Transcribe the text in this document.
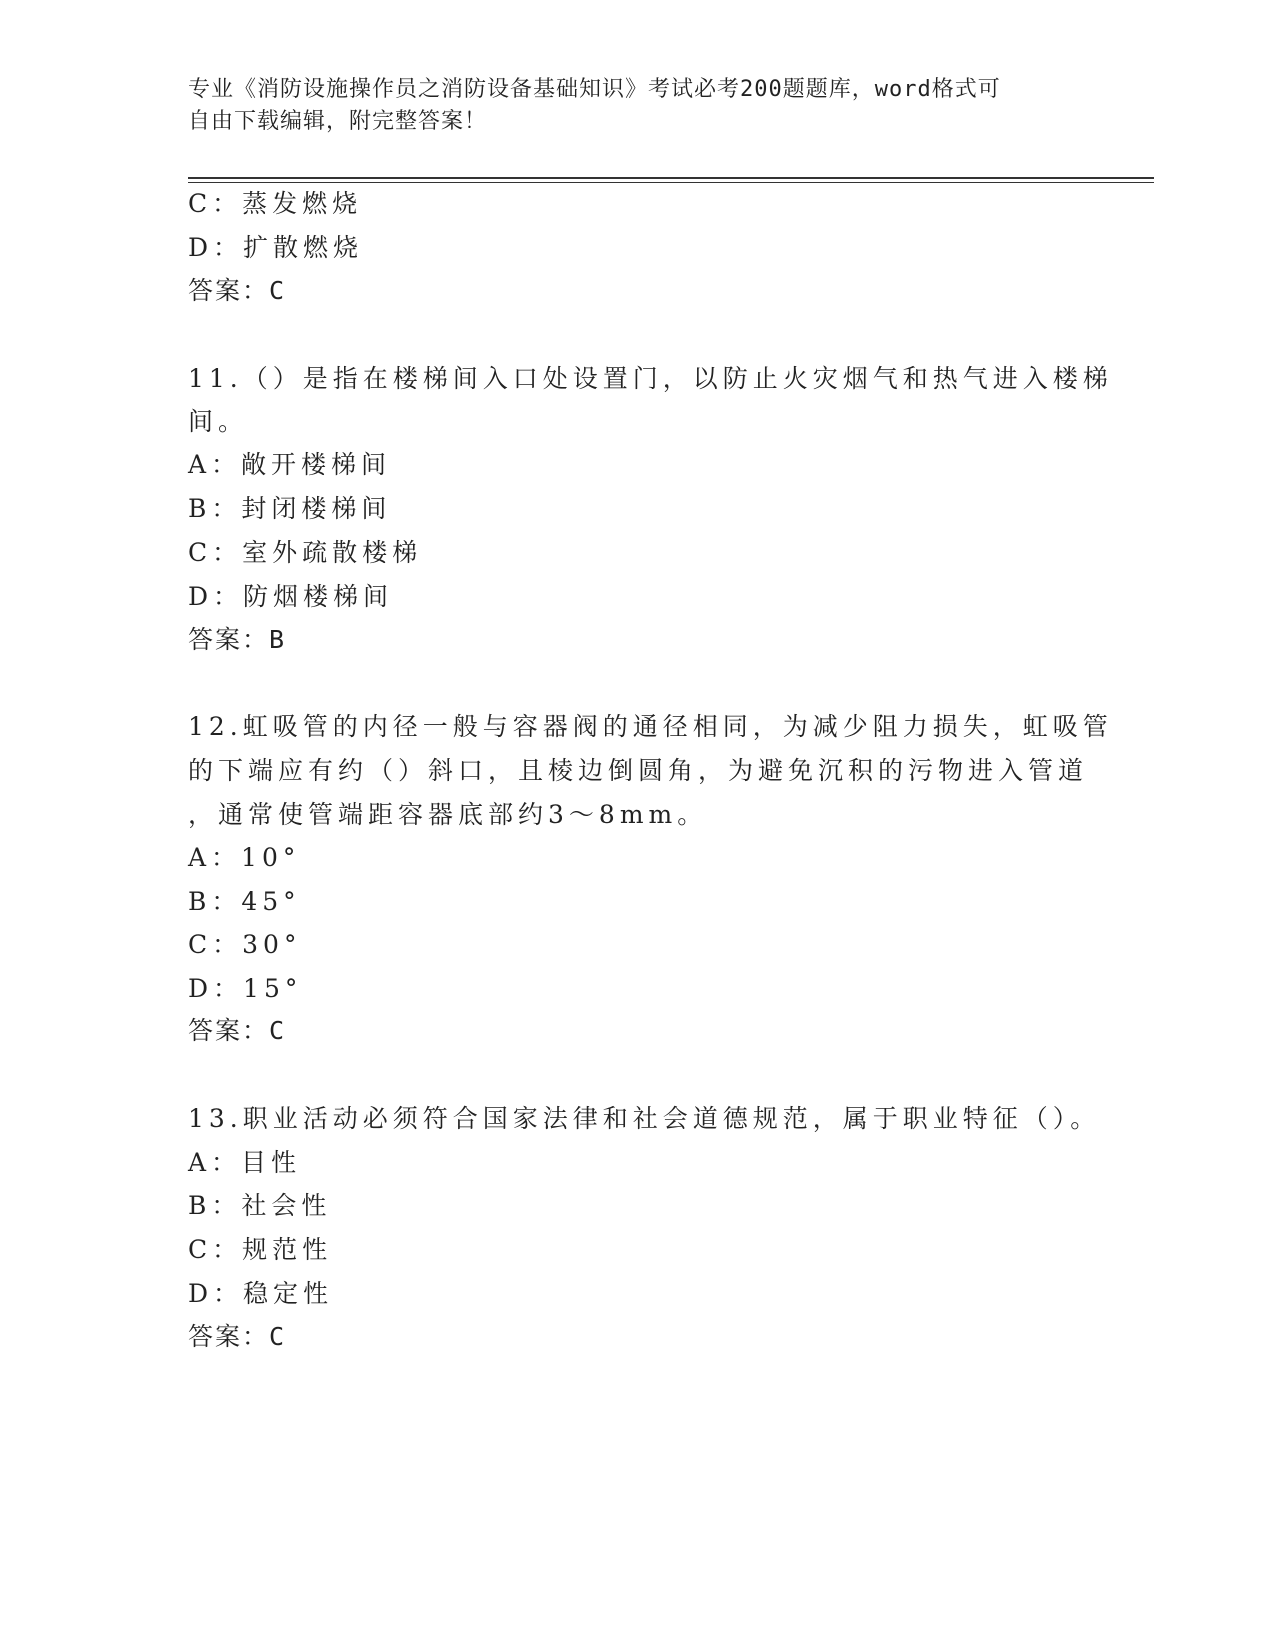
专业《消防设施操作员之消防设备基础知识》考试必考200题题库，word格式可
自由下载编辑，附完整答案！
C：蒸发燃烧
D：扩散燃烧
答案：C
11.（）是指在楼梯间入口处设置门，以防止火灾烟气和热气进入楼梯
间。
A：敞开楼梯间
B：封闭楼梯间
C：室外疏散楼梯
D：防烟楼梯间
答案：B
12.虹吸管的内径一般与容器阀的通径相同，为减少阻力损失，虹吸管
的下端应有约（）斜口，且棱边倒圆角，为避免沉积的污物进入管道
，通常使管端距容器底部约3～8mm。
A：10°
B：45°
C：30°
D：15°
答案：C
13.职业活动必须符合国家法律和社会道德规范，属于职业特征（）。
A：目性
B：社会性
C：规范性
D：稳定性
答案：C
